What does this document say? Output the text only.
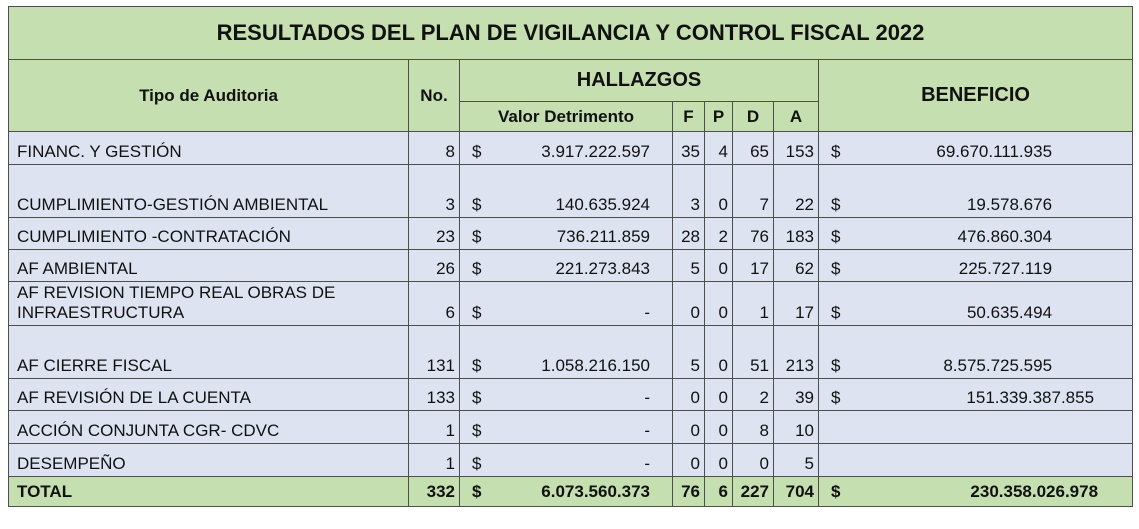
RESULTADOS DEL PLAN DE VIGILANCIA Y CONTROL FISCAL 2022									
Tipo de Auditoria	No.	HALLAZGOS						BENEFICIO	
		Valor Detrimento		F	P	D	A		
FINANC. Y GESTIÓN	8	$	3.917.222.597	35	4	65	153	$	69.670.111.935
CUMPLIMIENTO-GESTIÓN AMBIENTAL	3	$	140.635.924	3	0	7	22	$	19.578.676
CUMPLIMIENTO -CONTRATACIÓN	23	$	736.211.859	28	2	76	183	$	476.860.304
AF AMBIENTAL	26	$	221.273.843	5	0	17	62	$	225.727.119
AF REVISION TIEMPO REAL OBRAS DE INFRAESTRUCTURA	6	$	-	0	0	1	17	$	50.635.494
AF CIERRE FISCAL	131	$	1.058.216.150	5	0	51	213	$	8.575.725.595
AF REVISIÓN DE LA CUENTA	133	$	-	0	0	2	39	$	151.339.387.855
ACCIÓN CONJUNTA CGR- CDVC	1	$	-	0	0	8	10		
DESEMPEÑO	1	$	-	0	0	0	5		
TOTAL	332	$	6.073.560.373	76	6	227	704	$	230.358.026.978
